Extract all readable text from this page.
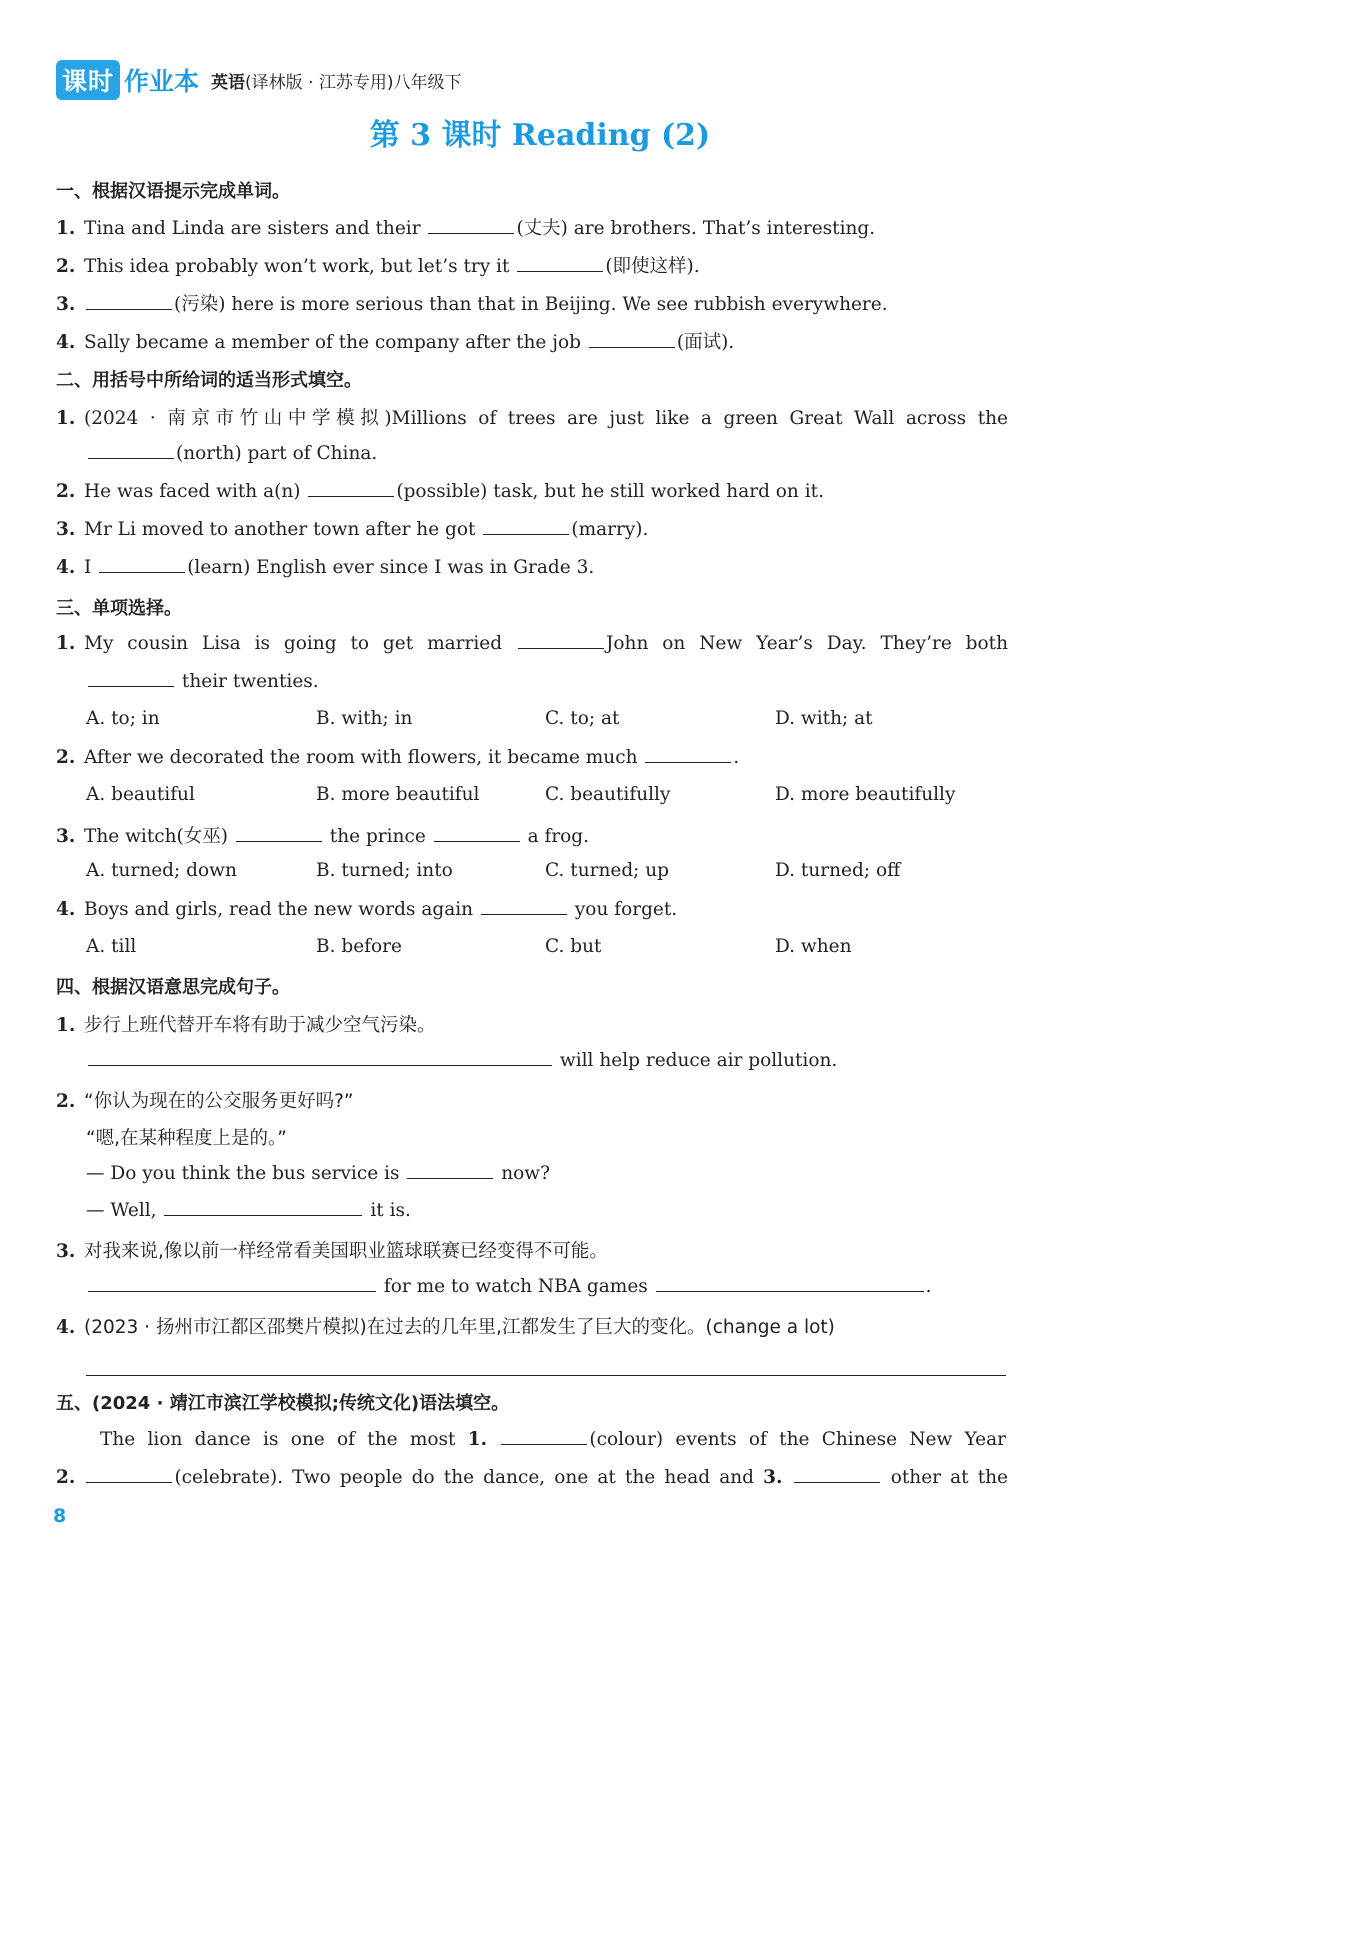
课时 作业本 英语 (译林版 · 江苏专用)八年级下
第 3 课时 Reading (2)
一、根据汉语提示完成单词。
1. Tina and Linda are sisters and their	(丈夫) are brothers. That’s interesting.
2. This idea probably won’t work, but let’s try it	(即使这样).
3.	(污染) here is more serious than that in Beijing. We see rubbish everywhere.
4. Sally became a member of the company after the job	(面试).
二、用括号中所给词的适当形式填空。
1. (2024 · 南京市竹山中学模拟)Millions of trees are just like a green Great Wall across the
(north) part of China.
2. He was faced with a(n)	(possible) task, but he still worked hard on it.
3. Mr Li moved to another town after he got	(marry).
4. I	(learn) English ever since I was in Grade 3.
三、单项选择。
1. My cousin Lisa is going to get married	John on New Year’s Day. They’re both
their twenties.
A. to; in	B. with; in	C. to; at	D. with; at
2. After we decorated the room with flowers, it became much	.
A. beautiful	B. more beautiful	C. beautifully	D. more beautifully
3. The witch(女巫)	the prince	a frog.
A. turned; down	B. turned; into	C. turned; up	D. turned; off
4. Boys and girls, read the new words again	you forget.
A. till	B. before	C. but	D. when
四、根据汉语意思完成句子。
1. 步行上班代替开车将有助于减少空气污染。
will help reduce air pollution.
2. “你认为现在的公交服务更好吗?”
“嗯,在某种程度上是的。”
— Do you think the bus service is	now?
— Well,	it is.
3. 对我来说,像以前一样经常看美国职业篮球联赛已经变得不可能。
for me to watch NBA games	.
4. (2023 · 扬州市江都区邵樊片模拟)在过去的几年里,江都发生了巨大的变化。(change a lot)
五、(2024 · 靖江市滨江学校模拟;传统文化)语法填空。
The lion dance is one of the most 1.	(colour) events of the Chinese New Year
2.	(celebrate). Two people do the dance, one at the head and 3.	other at the
8
